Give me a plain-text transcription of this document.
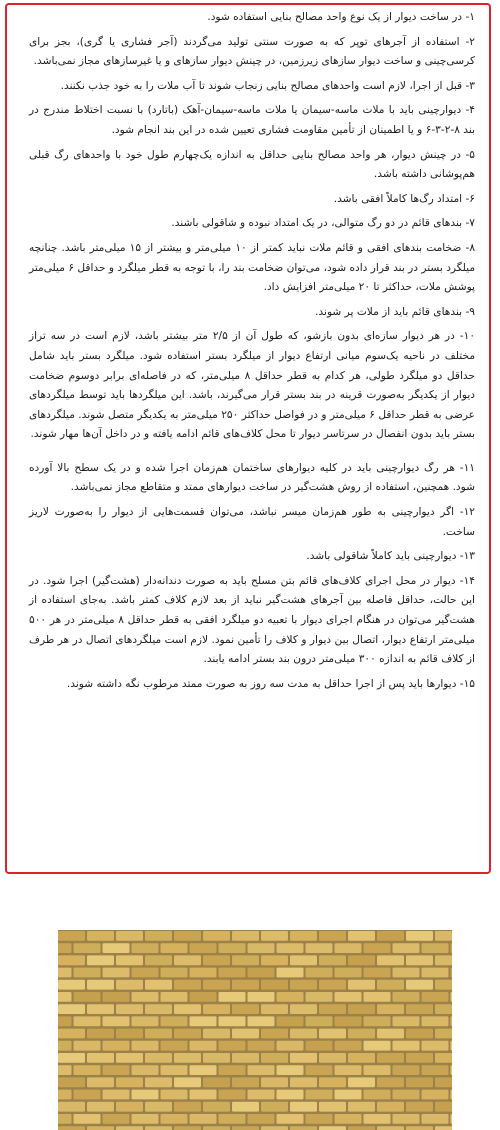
۱- در ساخت دیوار از یک نوع واحد مصالح بنایی استفاده شود.

۲- استفاده از آجرهای توپر که به صورت سنتی تولید می‌گردند (آجر فشاری یا گری)، بجز برای کرسی‌چینی و ساخت دیوار سازهای زیرزمین، در چینش دیوار سازهای و یا غیرسازهای مجاز نمی‌باشد.

۳- قبل از اجرا، لازم است واحدهای مصالح بنایی زنجاب شوند تا آب ملات را به خود جذب نکنند.

۴- دیوارچینی باید با ملات ماسه-سیمان یا ملات ماسه-سیمان-آهک (باتارد) با نسبت اختلاط مندرج در بند ۸-۲-۳-۶ و یا اطمینان از تأمین مقاومت فشاری تعیین شده در این بند انجام شود.

۵- در چینش دیوار، هر واحد مصالح بنایی حداقل به اندازه یک‌چهارم طول خود با واحدهای رگ قبلی هم‌پوشانی داشته باشد.

۶- امتداد رگ‌ها کاملاً افقی باشد.

۷- بندهای قائم در دو رگ متوالی، در یک امتداد نبوده و شاقولی باشند.

۸- ضخامت بندهای افقی و قائم ملات نباید کمتر از ۱۰ میلی‌متر و بیشتر از ۱۵ میلی‌متر باشد. چنانچه میلگرد بستر در بند قرار داده شود، می‌توان ضخامت بند را، با توجه به قطر میلگرد و حداقل ۶ میلی‌متر پوشش ملات، حداکثر تا ۲۰ میلی‌متر افزایش داد.

۹- بندهای قائم باید از ملات پر شوند.

۱۰- در هر دیوار سازه‌ای بدون بازشو، که طول آن از ۲/۵ متر بیشتر باشد، لازم است در سه تراز مختلف در ناحیه یک‌سوم میانی ارتفاع دیوار از میلگرد بستر استفاده شود. میلگرد بستر باید شامل حداقل دو میلگرد طولی، هر کدام به قطر حداقل ۸ میلی‌متر، که در فاصله‌ای برابر دوسوم ضخامت دیوار از یکدیگر به‌صورت قرینه در بند بستر قرار می‌گیرند، باشد. این میلگردها باید توسط میلگردهای عرضی به قطر حداقل ۶ میلی‌متر و در فواصل حداکثر ۲۵۰ میلی‌متر به یکدیگر متصل شوند. میلگردهای بستر باید بدون انفصال در سرتاسر دیوار تا محل کلاف‌های قائم ادامه یافته و در داخل آن‌ها مهار شوند.

۱۱- هر رگ دیوارچینی باید در کلیه دیوارهای ساختمان هم‌زمان اجرا شده و در یک سطح بالا آورده شود. همچنین، استفاده از روش هشت‌گیر در ساخت دیوارهای ممتد و متقاطع مجاز نمی‌باشد.

۱۲- اگر دیوارچینی به طور هم‌زمان میسر نباشد، می‌توان قسمت‌هایی از دیوار را به‌صورت لاریز ساخت.

۱۳- دیوارچینی باید کاملاً شاقولی باشد.

۱۴- دیوار در محل اجرای کلاف‌های قائم بتن مسلح باید به صورت دندانه‌دار (هشت‌گیر) اجرا شود. در این حالت، حداقل فاصله بین آجرهای هشت‌گیر نباید از بعد لازم کلاف کمتر باشد. به‌جای استفاده از هشت‌گیر می‌توان در هنگام اجرای دیوار با تعبیه دو میلگرد افقی به قطر حداقل ۸ میلی‌متر در هر ۵۰۰ میلی‌متر ارتفاع دیوار، اتصال بین دیوار و کلاف را تأمین نمود. لازم است میلگردهای اتصال در هر طرف از کلاف قائم به اندازه ۳۰۰ میلی‌متر درون بند بستر ادامه یابند.

۱۵- دیوارها باید پس از اجرا حداقل به مدت سه روز به صورت ممتد مرطوب نگه داشته شوند.
